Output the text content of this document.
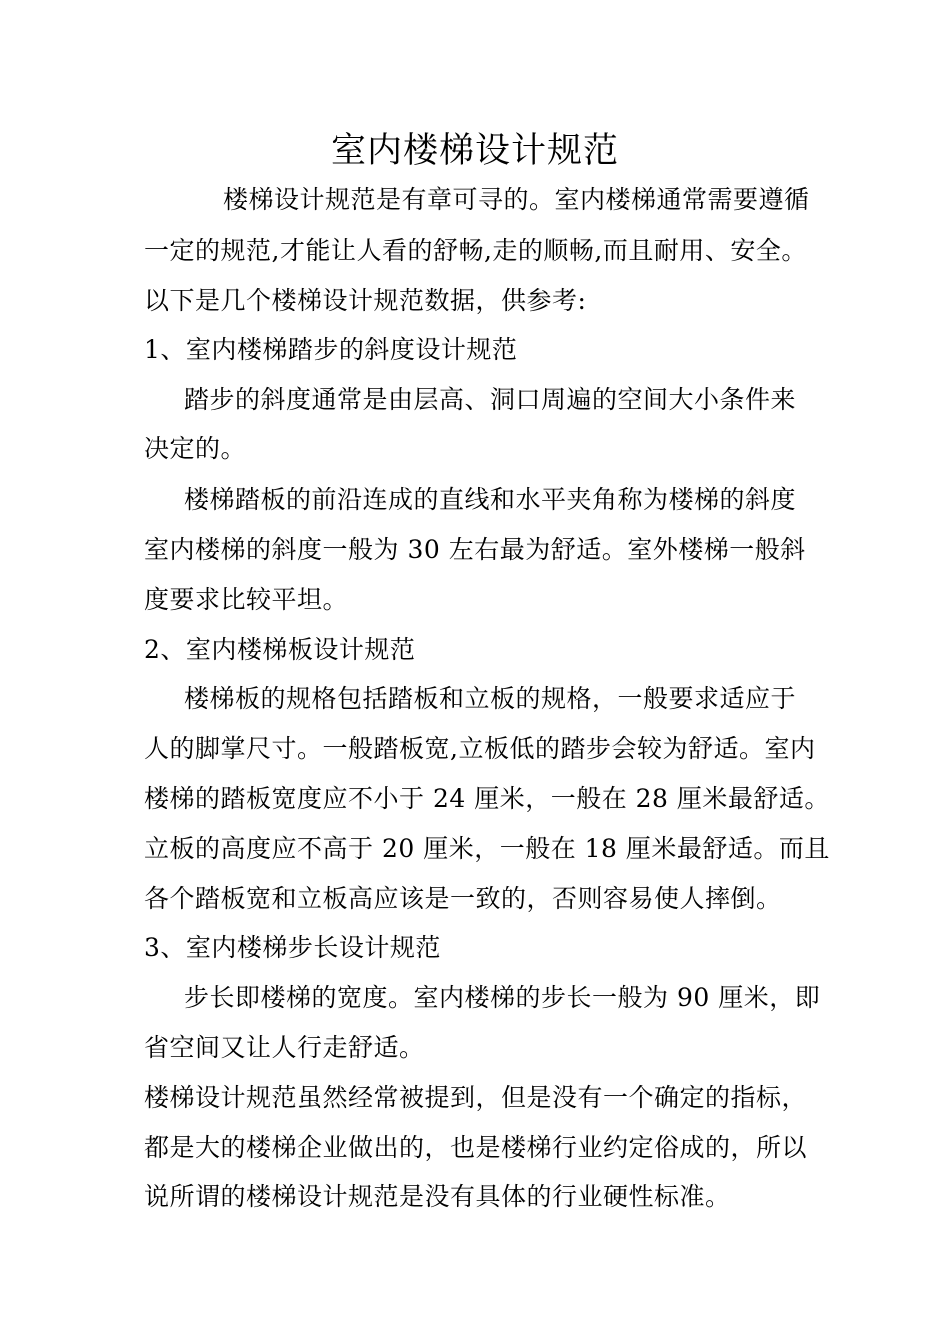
室内楼梯设计规范
楼梯设计规范是有章可寻的。室内楼梯通常需要遵循
一定的规范,才能让人看的舒畅,走的顺畅,而且耐用、安全。
以下是几个楼梯设计规范数据，供参考:
1、室内楼梯踏步的斜度设计规范
踏步的斜度通常是由层高、洞口周遍的空间大小条件来
决定的。
楼梯踏板的前沿连成的直线和水平夹角称为楼梯的斜度
室内楼梯的斜度一般为 30 左右最为舒适。室外楼梯一般斜
度要求比较平坦。
2、室内楼梯板设计规范
楼梯板的规格包括踏板和立板的规格，一般要求适应于
人的脚掌尺寸。一般踏板宽,立板低的踏步会较为舒适。室内
楼梯的踏板宽度应不小于 24 厘米，一般在 28 厘米最舒适。
立板的高度应不高于 20 厘米，一般在 18 厘米最舒适。而且
各个踏板宽和立板高应该是一致的，否则容易使人摔倒。
3、室内楼梯步长设计规范
步长即楼梯的宽度。室内楼梯的步长一般为 90 厘米，即
省空间又让人行走舒适。
楼梯设计规范虽然经常被提到，但是没有一个确定的指标，
都是大的楼梯企业做出的，也是楼梯行业约定俗成的，所以
说所谓的楼梯设计规范是没有具体的行业硬性标准。
